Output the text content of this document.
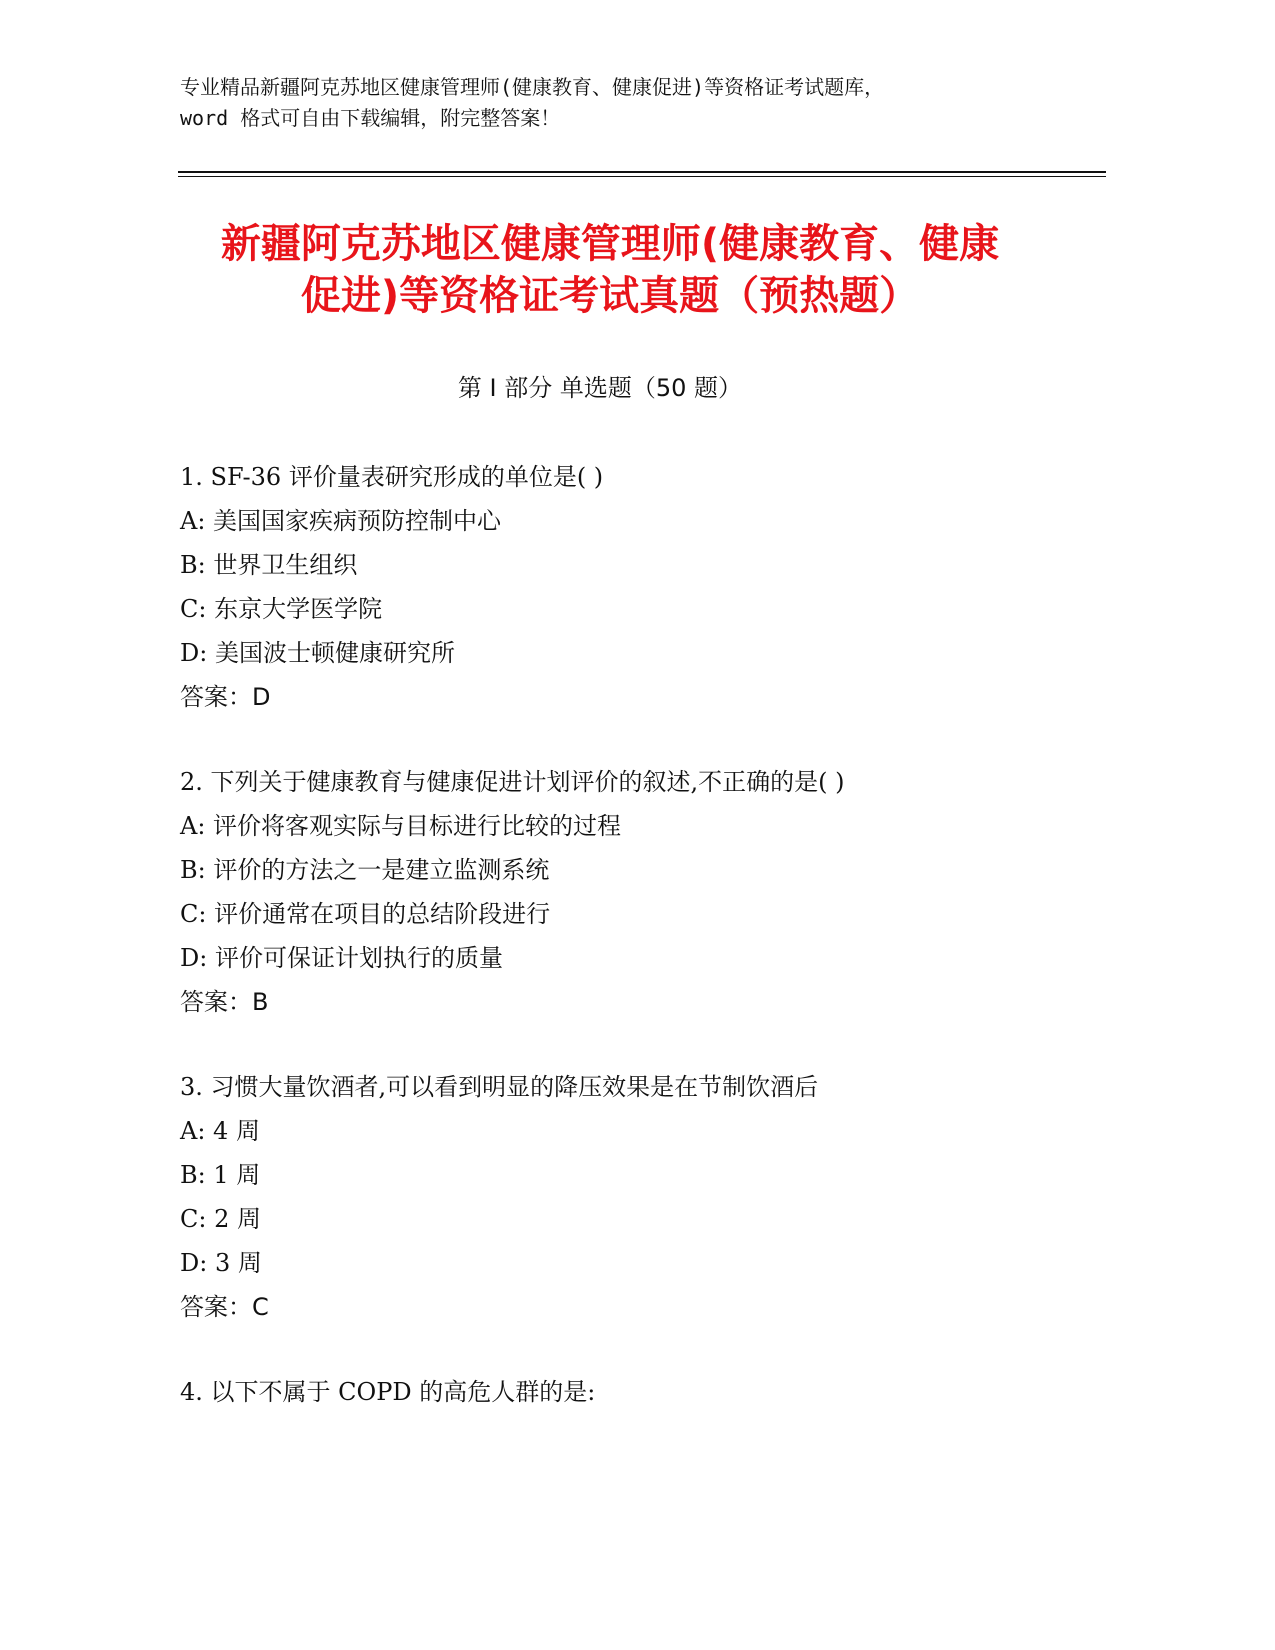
专业精品新疆阿克苏地区健康管理师(健康教育、健康促进)等资格证考试题库，
word 格式可自由下载编辑，附完整答案！
新疆阿克苏地区健康管理师(健康教育、健康
促进)等资格证考试真题（预热题）
第 I 部分 单选题（50 题）
1. SF-36 评价量表研究形成的单位是( )
A: 美国国家疾病预防控制中心
B: 世界卫生组织
C: 东京大学医学院
D: 美国波士顿健康研究所
答案：D
2. 下列关于健康教育与健康促进计划评价的叙述,不正确的是( )
A: 评价将客观实际与目标进行比较的过程
B: 评价的方法之一是建立监测系统
C: 评价通常在项目的总结阶段进行
D: 评价可保证计划执行的质量
答案：B
3. 习惯大量饮酒者,可以看到明显的降压效果是在节制饮酒后
A: 4 周
B: 1 周
C: 2 周
D: 3 周
答案：C
4. 以下不属于 COPD 的高危人群的是:
